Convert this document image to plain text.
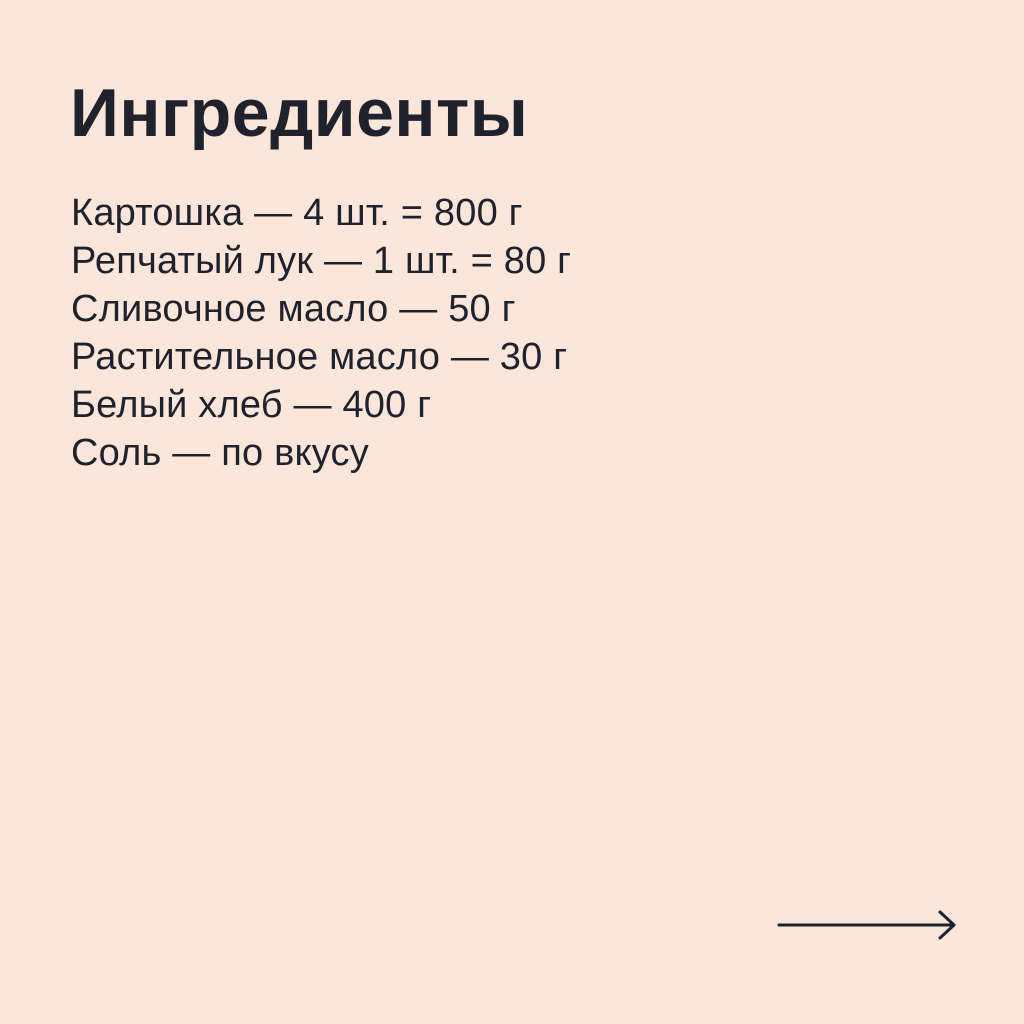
Ингредиенты
Картошка — 4 шт. = 800 г
Репчатый лук — 1 шт. = 80 г
Сливочное масло — 50 г
Растительное масло — 30 г
Белый хлеб — 400 г
Соль — по вкусу
